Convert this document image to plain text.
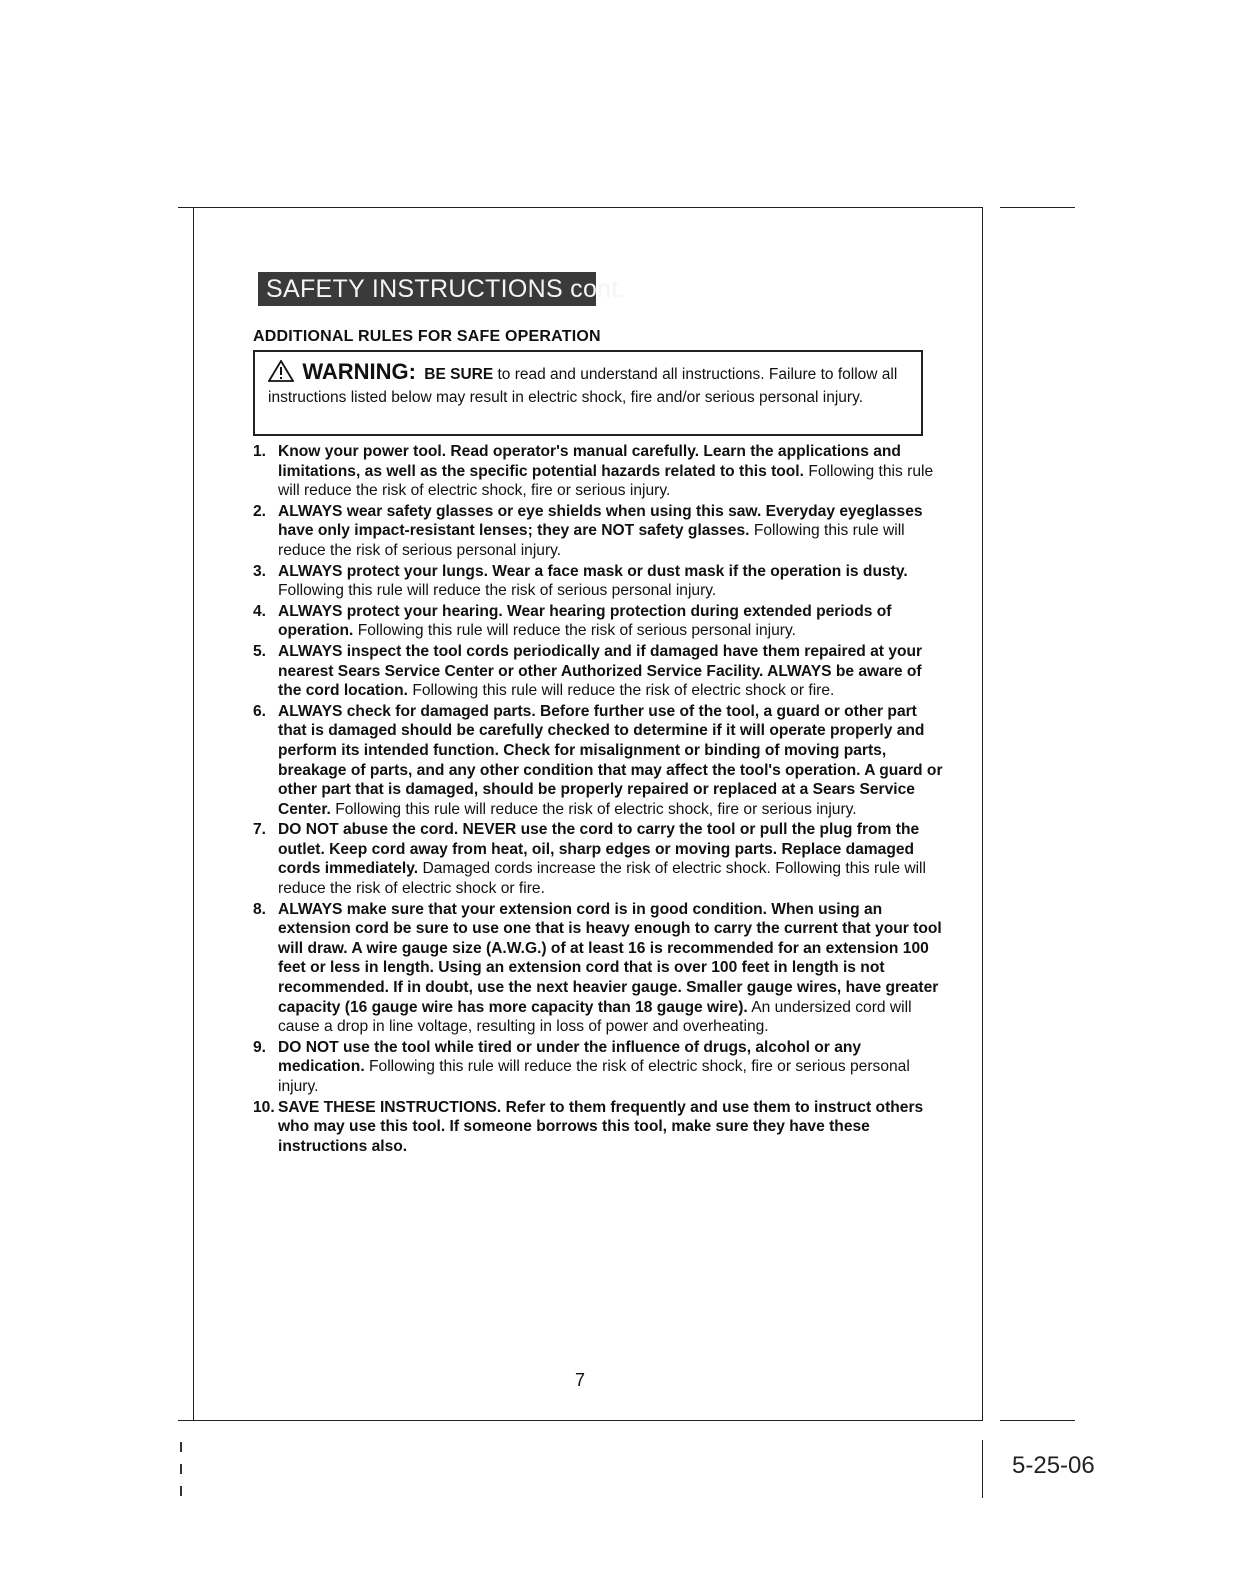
5-25-06
SAFETY INSTRUCTIONS cont.
ADDITIONAL RULES FOR SAFE OPERATION
WARNING: BE SURE to read and understand all instructions. Failure to follow all instructions listed below may result in electric shock, fire and/or serious personal injury.
1. Know your power tool. Read operator's manual carefully. Learn the applications and limitations, as well as the specific potential hazards related to this tool. Following this rule will reduce the risk of electric shock, fire or serious injury.
2. ALWAYS wear safety glasses or eye shields when using this saw. Everyday eyeglasses have only impact-resistant lenses; they are NOT safety glasses. Following this rule will reduce the risk of serious personal injury.
3. ALWAYS protect your lungs. Wear a face mask or dust mask if the operation is dusty. Following this rule will reduce the risk of serious personal injury.
4. ALWAYS protect your hearing. Wear hearing protection during extended periods of operation. Following this rule will reduce the risk of serious personal injury.
5. ALWAYS inspect the tool cords periodically and if damaged have them repaired at your nearest Sears Service Center or other Authorized Service Facility. ALWAYS be aware of the cord location. Following this rule will reduce the risk of electric shock or fire.
6. ALWAYS check for damaged parts. Before further use of the tool, a guard or other part that is damaged should be carefully checked to determine if it will operate properly and perform its intended function. Check for misalignment or binding of moving parts, breakage of parts, and any other condition that may affect the tool's operation. A guard or other part that is damaged, should be properly repaired or replaced at a Sears Service Center. Following this rule will reduce the risk of electric shock, fire or serious injury.
7. DO NOT abuse the cord. NEVER use the cord to carry the tool or pull the plug from the outlet. Keep cord away from heat, oil, sharp edges or moving parts. Replace damaged cords immediately. Damaged cords increase the risk of electric shock. Following this rule will reduce the risk of electric shock or fire.
8. ALWAYS make sure that your extension cord is in good condition. When using an extension cord be sure to use one that is heavy enough to carry the current that your tool will draw. A wire gauge size (A.W.G.) of at least 16 is recommended for an extension 100 feet or less in length. Using an extension cord that is over 100 feet in length is not recommended. If in doubt, use the next heavier gauge. Smaller gauge wires, have greater capacity (16 gauge wire has more capacity than 18 gauge wire). An undersized cord will cause a drop in line voltage, resulting in loss of power and overheating.
9. DO NOT use the tool while tired or under the influence of drugs, alcohol or any medication. Following this rule will reduce the risk of electric shock, fire or serious personal injury.
10. SAVE THESE INSTRUCTIONS. Refer to them frequently and use them to instruct others who may use this tool. If someone borrows this tool, make sure they have these instructions also.
7
